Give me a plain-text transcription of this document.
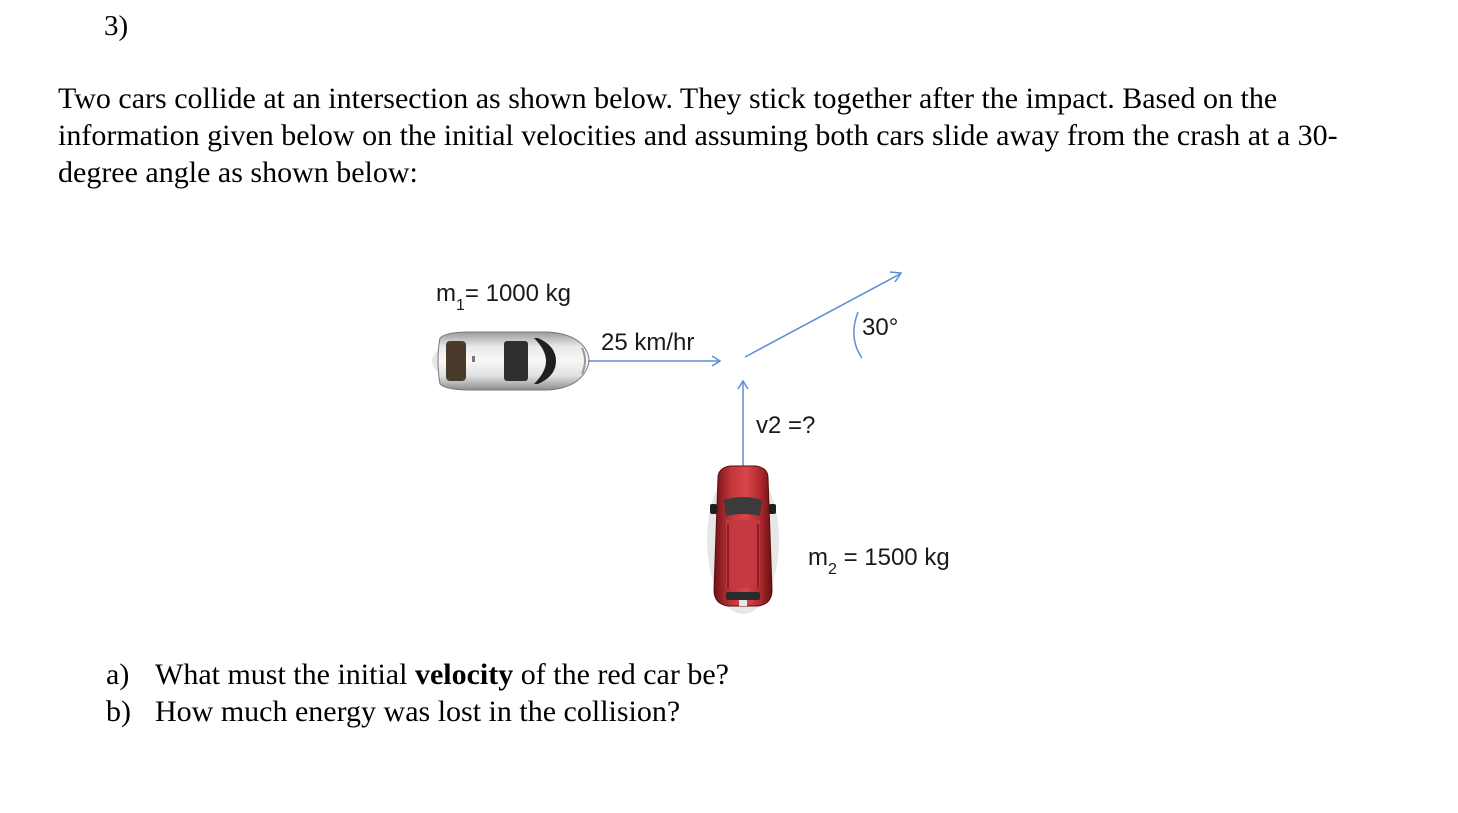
3)

Two cars collide at an intersection as shown below. They stick together after the impact. Based on the information given below on the initial velocities and assuming both cars slide away from the crash at a 30-degree angle as shown below:

$m_1= 1000$ kg
25 km/hr
30°
v2 =?
$m_2 = 1500$ kg
a) What must the initial velocity of the red car be?
b) How much energy was lost in the collision?
